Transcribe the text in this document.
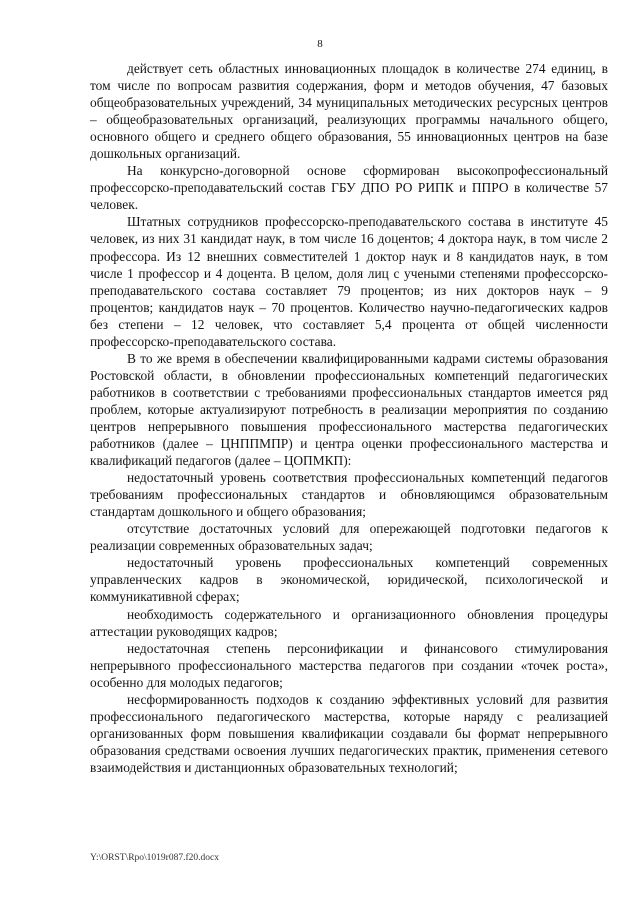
8

действует сеть областных инновационных площадок в количестве 274 единиц, в том числе по вопросам развития содержания, форм и методов обучения, 47 базовых общеобразовательных учреждений, 34 муниципальных методических ресурсных центров – общеобразовательных организаций, реализующих программы начального общего, основного общего и среднего общего образования, 55 инновационных центров на базе дошкольных организаций.

На конкурсно-договорной основе сформирован высокопрофессиональный профессорско-преподавательский состав ГБУ ДПО РО РИПК и ППРО в количестве 57 человек.

Штатных сотрудников профессорско-преподавательского состава в институте 45 человек, из них 31 кандидат наук, в том числе 16 доцентов; 4 доктора наук, в том числе 2 профессора. Из 12 внешних совместителей 1 доктор наук и 8 кандидатов наук, в том числе 1 профессор и 4 доцента. В целом, доля лиц с учеными степенями профессорско-преподавательского состава составляет 79 процентов; из них докторов наук – 9 процентов; кандидатов наук – 70 процентов. Количество научно-педагогических кадров без степени – 12 человек, что составляет 5,4 процента от общей численности профессорско-преподавательского состава.

В то же время в обеспечении квалифицированными кадрами системы образования Ростовской области, в обновлении профессиональных компетенций педагогических работников в соответствии с требованиями профессиональных стандартов имеется ряд проблем, которые актуализируют потребность в реализации мероприятия по созданию центров непрерывного повышения профессионального мастерства педагогических работников (далее – ЦНППМПР) и центра оценки профессионального мастерства и квалификаций педагогов (далее – ЦОПМКП):

недостаточный уровень соответствия профессиональных компетенций педагогов требованиям профессиональных стандартов и обновляющимся образовательным стандартам дошкольного и общего образования;

отсутствие достаточных условий для опережающей подготовки педагогов к реализации современных образовательных задач;

недостаточный уровень профессиональных компетенций современных управленческих кадров в экономической, юридической, психологической и коммуникативной сферах;

необходимость содержательного и организационного обновления процедуры аттестации руководящих кадров;

недостаточная степень персонификации и финансового стимулирования непрерывного профессионального мастерства педагогов при создании «точек роста», особенно для молодых педагогов;

несформированность подходов к созданию эффективных условий для развития профессионального педагогического мастерства, которые наряду с реализацией организованных форм повышения квалификации создавали бы формат непрерывного образования средствами освоения лучших педагогических практик, применения сетевого взаимодействия и дистанционных образовательных технологий;

Y:\ORST\Rpo\1019r087.f20.docx
